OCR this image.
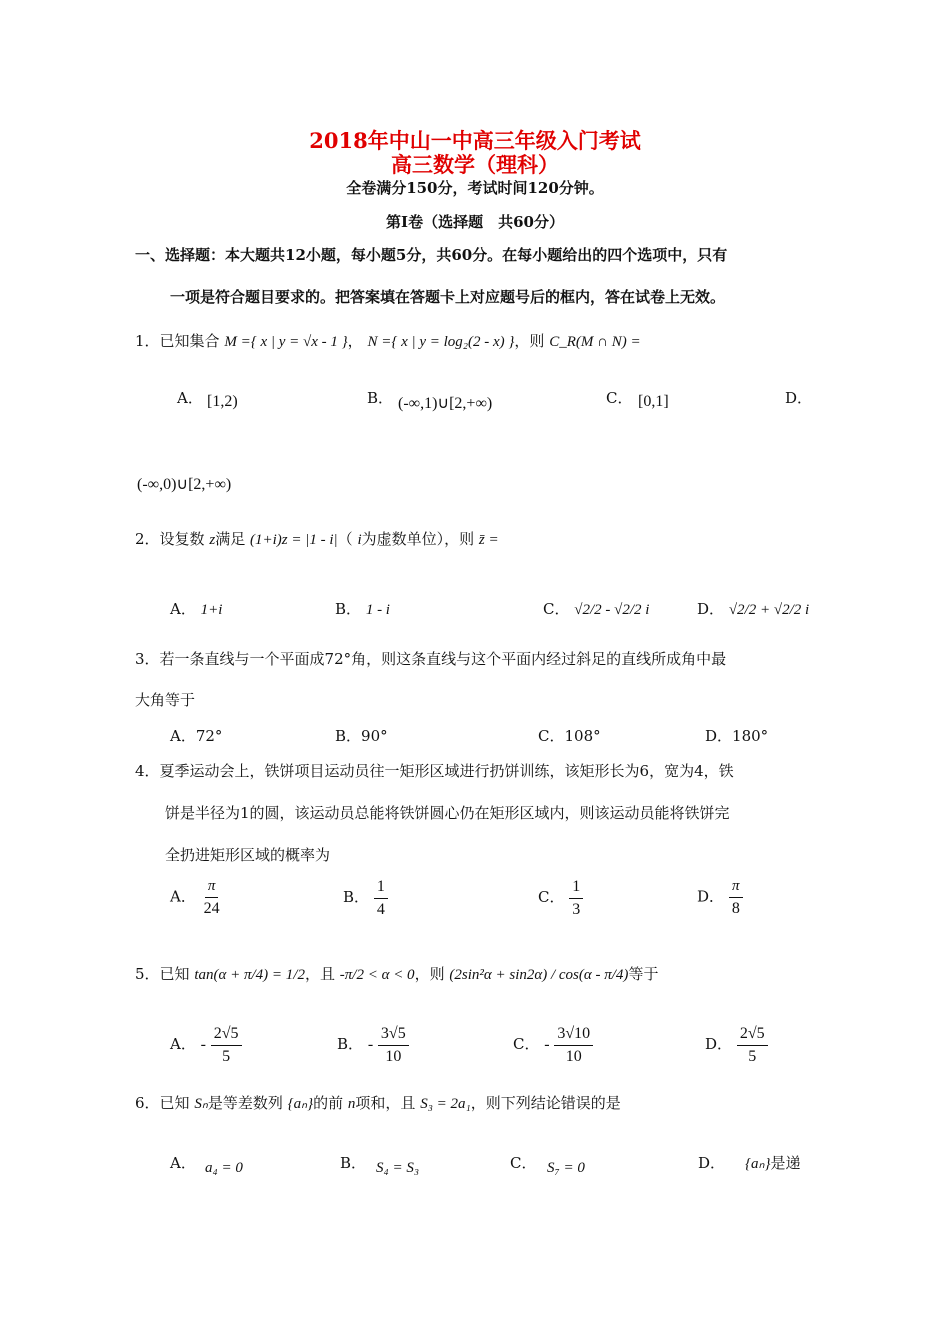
2018年中山一中高三年级入门考试
高三数学（理科）
全卷满分150分，考试时间120分钟。
第Ⅰ卷（选择题　共60分）
一、选择题：本大题共12小题，每小题5分，共60分。在每小题给出的四个选项中，只有
一项是符合题目要求的。把答案填在答题卡上对应题号后的框内，答在试卷上无效。
1．已知集合 M ={ x | y = √x - 1 }， N ={ x | y = log₂(2 - x) }，则 C_R(M ∩ N) =
A． [1,2)	B． (-∞,1)∪[2,+∞)	C． [0,1]	D．
(-∞,0)∪[2,+∞)
2．设复数 z满足 (1+i)z = |1 - i|（ i为虚数单位），则 z̄ =
A． 1+i	B． 1 - i	C． √2/2 - √2/2 i	D． √2/2 + √2/2 i
3．若一条直线与一个平面成72°角，则这条直线与这个平面内经过斜足的直线所成角中最
大角等于
A．72°	B．90°	C．108°	D．180°
4．夏季运动会上，铁饼项目运动员往一矩形区域进行扔饼训练，该矩形长为6，宽为4，铁
饼是半径为1的圆，该运动员总能将铁饼圆心仍在矩形区域内，则该运动员能将铁饼完
全扔进矩形区域的概率为
A． $\frac{\pi}{24}$	B． $\frac{1}{4}$	C． $\frac{1}{3}$	D． $\frac{\pi}{8}$
5．已知 tan(α + π/4) = 1/2，且 -π/2 < α < 0，则 (2sin²α + sin2α) / cos(α - π/4)等于
A． - $\frac{2√5}{5}$	B． - $\frac{3√5}{10}$	C． - $\frac{3√10}{10}$	D． $\frac{2√5}{5}$
6．已知 Sₙ是等差数列 {aₙ}的前 n项和，且 S₃ = 2a₁，则下列结论错误的是
A． a₄ = 0	B． S₄ = S₃	C． S₇ = 0	D． {aₙ}是递
